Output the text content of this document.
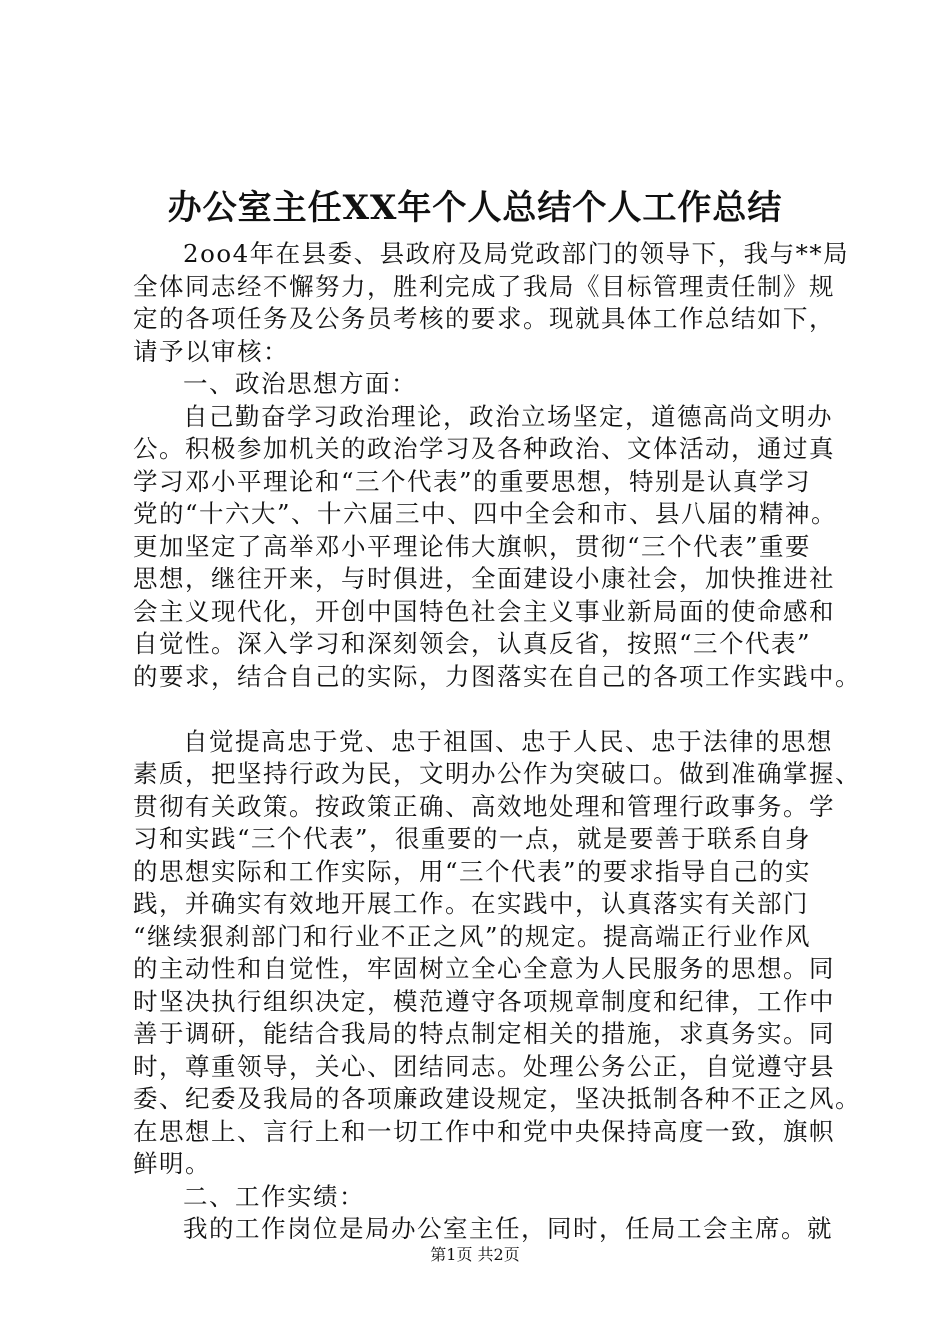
办公室主任XX年个人总结个人工作总结
2oo4年在县委、县政府及局党政部门的领导下，我与**局
全体同志经不懈努力，胜利完成了我局《目标管理责任制》规
定的各项任务及公务员考核的要求。现就具体工作总结如下，
请予以审核：
一、政治思想方面：
自己勤奋学习政治理论，政治立场坚定，道德高尚文明办
公。积极参加机关的政治学习及各种政治、文体活动，通过真
学习邓小平理论和“三个代表”的重要思想，特别是认真学习
党的“十六大”、十六届三中、四中全会和市、县八届的精神。
更加坚定了高举邓小平理论伟大旗帜，贯彻“三个代表”重要
思想，继往开来，与时俱进，全面建设小康社会，加快推进社
会主义现代化，开创中国特色社会主义事业新局面的使命感和
自觉性。深入学习和深刻领会，认真反省，按照“三个代表”
的要求，结合自己的实际，力图落实在自己的各项工作实践中。
自觉提高忠于党、忠于祖国、忠于人民、忠于法律的思想
素质，把坚持行政为民，文明办公作为突破口。做到准确掌握、
贯彻有关政策。按政策正确、高效地处理和管理行政事务。学
习和实践“三个代表”，很重要的一点，就是要善于联系自身
的思想实际和工作实际，用“三个代表”的要求指导自己的实
践，并确实有效地开展工作。在实践中，认真落实有关部门
“继续狠刹部门和行业不正之风”的规定。提高端正行业作风
的主动性和自觉性，牢固树立全心全意为人民服务的思想。同
时坚决执行组织决定，模范遵守各项规章制度和纪律，工作中
善于调研，能结合我局的特点制定相关的措施，求真务实。同
时，尊重领导，关心、团结同志。处理公务公正，自觉遵守县
委、纪委及我局的各项廉政建设规定，坚决抵制各种不正之风。
在思想上、言行上和一切工作中和党中央保持高度一致，旗帜
鲜明。
二、工作实绩：
我的工作岗位是局办公室主任，同时，任局工会主席。就
第1页 共2页
